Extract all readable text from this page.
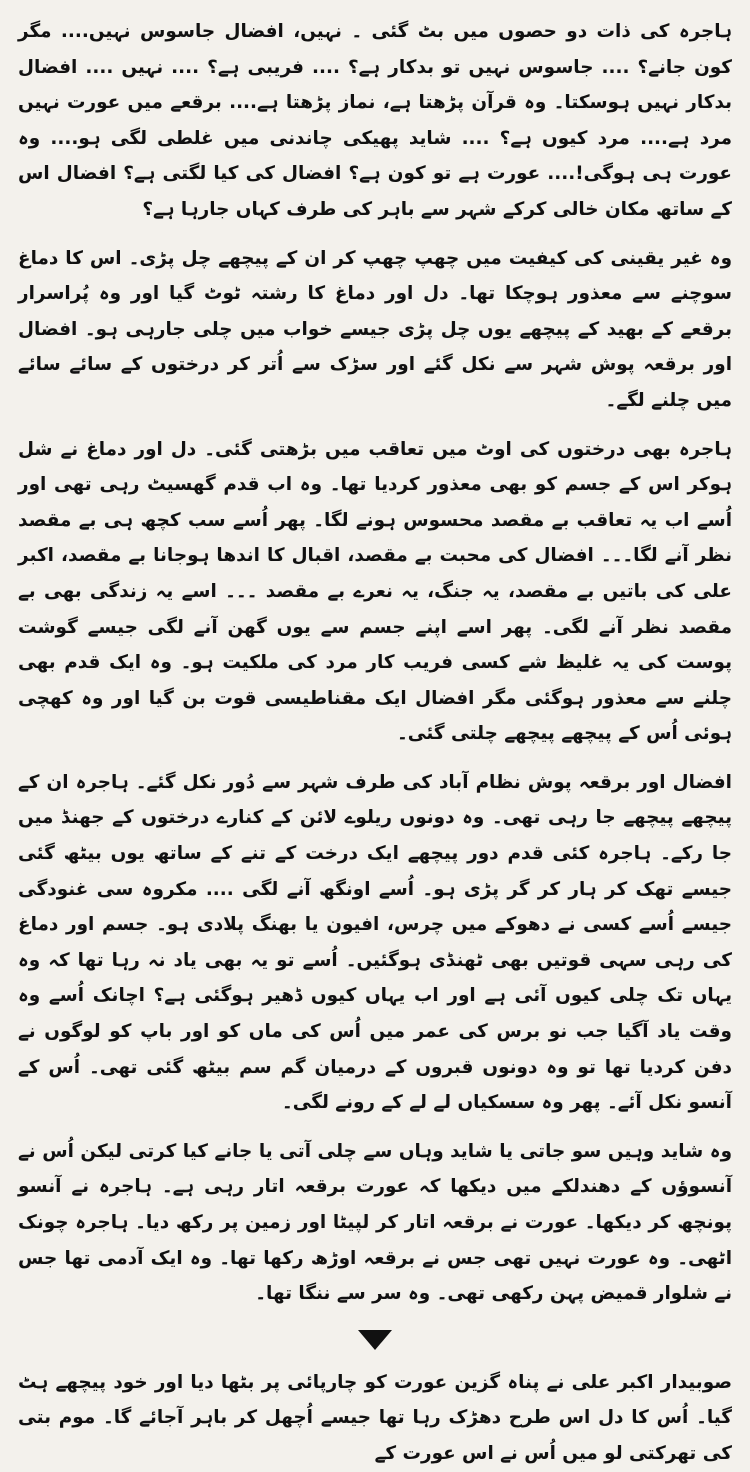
ہاجرہ کی ذات دو حصوں میں بٹ گئی ۔ نہیں، افضال جاسوس نہیں.... مگر کون جانے؟ .... جاسوس نہیں تو بدکار ہے؟ .... فریبی ہے؟ .... نہیں .... افضال بدکار نہیں ہوسکتا۔ وہ قرآن پڑھتا ہے، نماز پڑھتا ہے.... برقعے میں عورت نہیں مرد ہے.... مرد کیوں ہے؟ .... شاید پھیکی چاندنی میں غلطی لگی ہو.... وہ عورت ہی ہوگی!.... عورت ہے تو کون ہے؟ افضال کی کیا لگتی ہے؟ افضال اس کے ساتھ مکان خالی کرکے شہر سے باہر کی طرف کہاں جارہا ہے؟

وہ غیر یقینی کی کیفیت میں چھپ چھپ کر ان کے پیچھے چل پڑی۔ اس کا دماغ سوچنے سے معذور ہوچکا تھا۔ دل اور دماغ کا رشتہ ٹوٹ گیا اور وہ پُراسرار برقعے کے بھید کے پیچھے یوں چل پڑی جیسے خواب میں چلی جارہی ہو۔ افضال اور برقعہ پوش شہر سے نکل گئے اور سڑک سے اُتر کر درختوں کے سائے سائے میں چلنے لگے۔

ہاجرہ بھی درختوں کی اوٹ میں تعاقب میں بڑھتی گئی۔ دل اور دماغ نے شل ہوکر اس کے جسم کو بھی معذور کردیا تھا۔ وہ اب قدم گھسیٹ رہی تھی اور اُسے اب یہ تعاقب بے مقصد محسوس ہونے لگا۔ پھر اُسے سب کچھ ہی بے مقصد نظر آنے لگا۔۔۔ افضال کی محبت بے مقصد، اقبال کا اندھا ہوجانا بے مقصد، اکبر علی کی باتیں بے مقصد، یہ جنگ، یہ نعرے بے مقصد ۔۔۔ اسے یہ زندگی بھی بے مقصد نظر آنے لگی۔ پھر اسے اپنے جسم سے یوں گھن آنے لگی جیسے گوشت پوست کی یہ غلیظ شے کسی فریب کار مرد کی ملکیت ہو۔ وہ ایک قدم بھی چلنے سے معذور ہوگئی مگر افضال ایک مقناطیسی قوت بن گیا اور وہ کھچی ہوئی اُس کے پیچھے پیچھے چلتی گئی۔

افضال اور برقعہ پوش نظام آباد کی طرف شہر سے دُور نکل گئے۔ ہاجرہ ان کے پیچھے پیچھے جا رہی تھی۔ وہ دونوں ریلوے لائن کے کنارے درختوں کے جھنڈ میں جا رکے۔ ہاجرہ کئی قدم دور پیچھے ایک درخت کے تنے کے ساتھ یوں بیٹھ گئی جیسے تھک کر ہار کر گر پڑی ہو۔ اُسے اونگھ آنے لگی .... مکروہ سی غنودگی جیسے اُسے کسی نے دھوکے میں چرس، افیون یا بھنگ پلادی ہو۔ جسم اور دماغ کی رہی سہی قوتیں بھی ٹھنڈی ہوگئیں۔ اُسے تو یہ بھی یاد نہ رہا تھا کہ وہ یہاں تک چلی کیوں آئی ہے اور اب یہاں کیوں ڈھیر ہوگئی ہے؟ اچانک اُسے وہ وقت یاد آگیا جب نو برس کی عمر میں اُس کی ماں کو اور باپ کو لوگوں نے دفن کردیا تھا تو وہ دونوں قبروں کے درمیان گم سم بیٹھ گئی تھی۔ اُس کے آنسو نکل آئے۔ پھر وہ سسکیاں لے لے کے رونے لگی۔

وہ شاید وہیں سو جاتی یا شاید وہاں سے چلی آتی یا جانے کیا کرتی لیکن اُس نے آنسوؤں کے دھندلکے میں دیکھا کہ عورت برقعہ اتار رہی ہے۔ ہاجرہ نے آنسو پونچھ کر دیکھا۔ عورت نے برقعہ اتار کر لپیٹا اور زمین پر رکھ دیا۔ ہاجرہ چونک اٹھی۔ وہ عورت نہیں تھی جس نے برقعہ اوڑھ رکھا تھا۔ وہ ایک آدمی تھا جس نے شلوار قمیض پہن رکھی تھی۔ وہ سر سے ننگا تھا۔

صوبیدار اکبر علی نے پناہ گزین عورت کو چارپائی پر بٹھا دیا اور خود پیچھے ہٹ گیا۔ اُس کا دل اس طرح دھڑک رہا تھا جیسے اُچھل کر باہر آجائے گا۔ موم بتی کی تھرکتی لو میں اُس نے اس عورت کے
